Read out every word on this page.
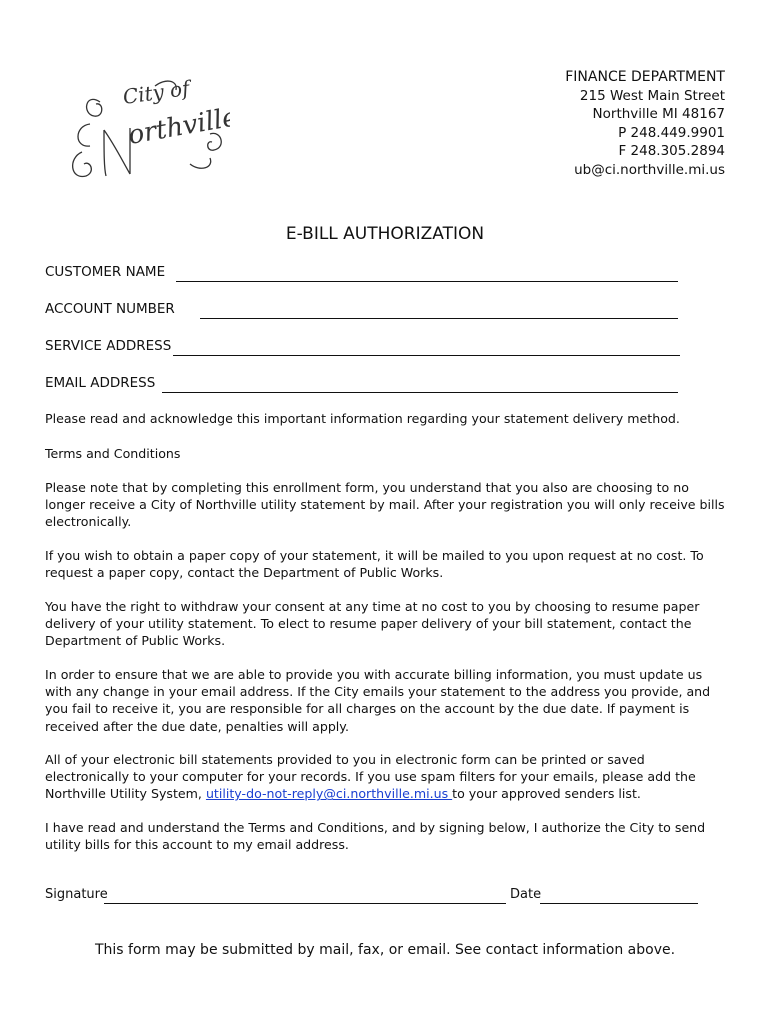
City of
orthville
FINANCE DEPARTMENT
215 West Main Street
Northville MI 48167
P 248.449.9901
F 248.305.2894
ub@ci.northville.mi.us
E-BILL AUTHORIZATION
CUSTOMER NAME
ACCOUNT NUMBER
SERVICE ADDRESS
EMAIL ADDRESS
Please read and acknowledge this important information regarding your statement delivery method.
Terms and Conditions
Please note that by completing this enrollment form, you understand that you also are choosing to no longer receive a City of Northville utility statement by mail. After your registration you will only receive bills electronically.
If you wish to obtain a paper copy of your statement, it will be mailed to you upon request at no cost. To request a paper copy, contact the Department of Public Works.
You have the right to withdraw your consent at any time at no cost to you by choosing to resume paper delivery of your utility statement. To elect to resume paper delivery of your bill statement, contact the Department of Public Works.
In order to ensure that we are able to provide you with accurate billing information, you must update us with any change in your email address. If the City emails your statement to the address you provide, and you fail to receive it, you are responsible for all charges on the account by the due date. If payment is received after the due date, penalties will apply.
All of your electronic bill statements provided to you in electronic form can be printed or saved electronically to your computer for your records. If you use spam filters for your emails, please add the Northville Utility System, utility-do-not-reply@ci.northville.mi.us to your approved senders list.
I have read and understand the Terms and Conditions, and by signing below, I authorize the City to send utility bills for this account to my email address.
Signature	Date
This form may be submitted by mail, fax, or email. See contact information above.
